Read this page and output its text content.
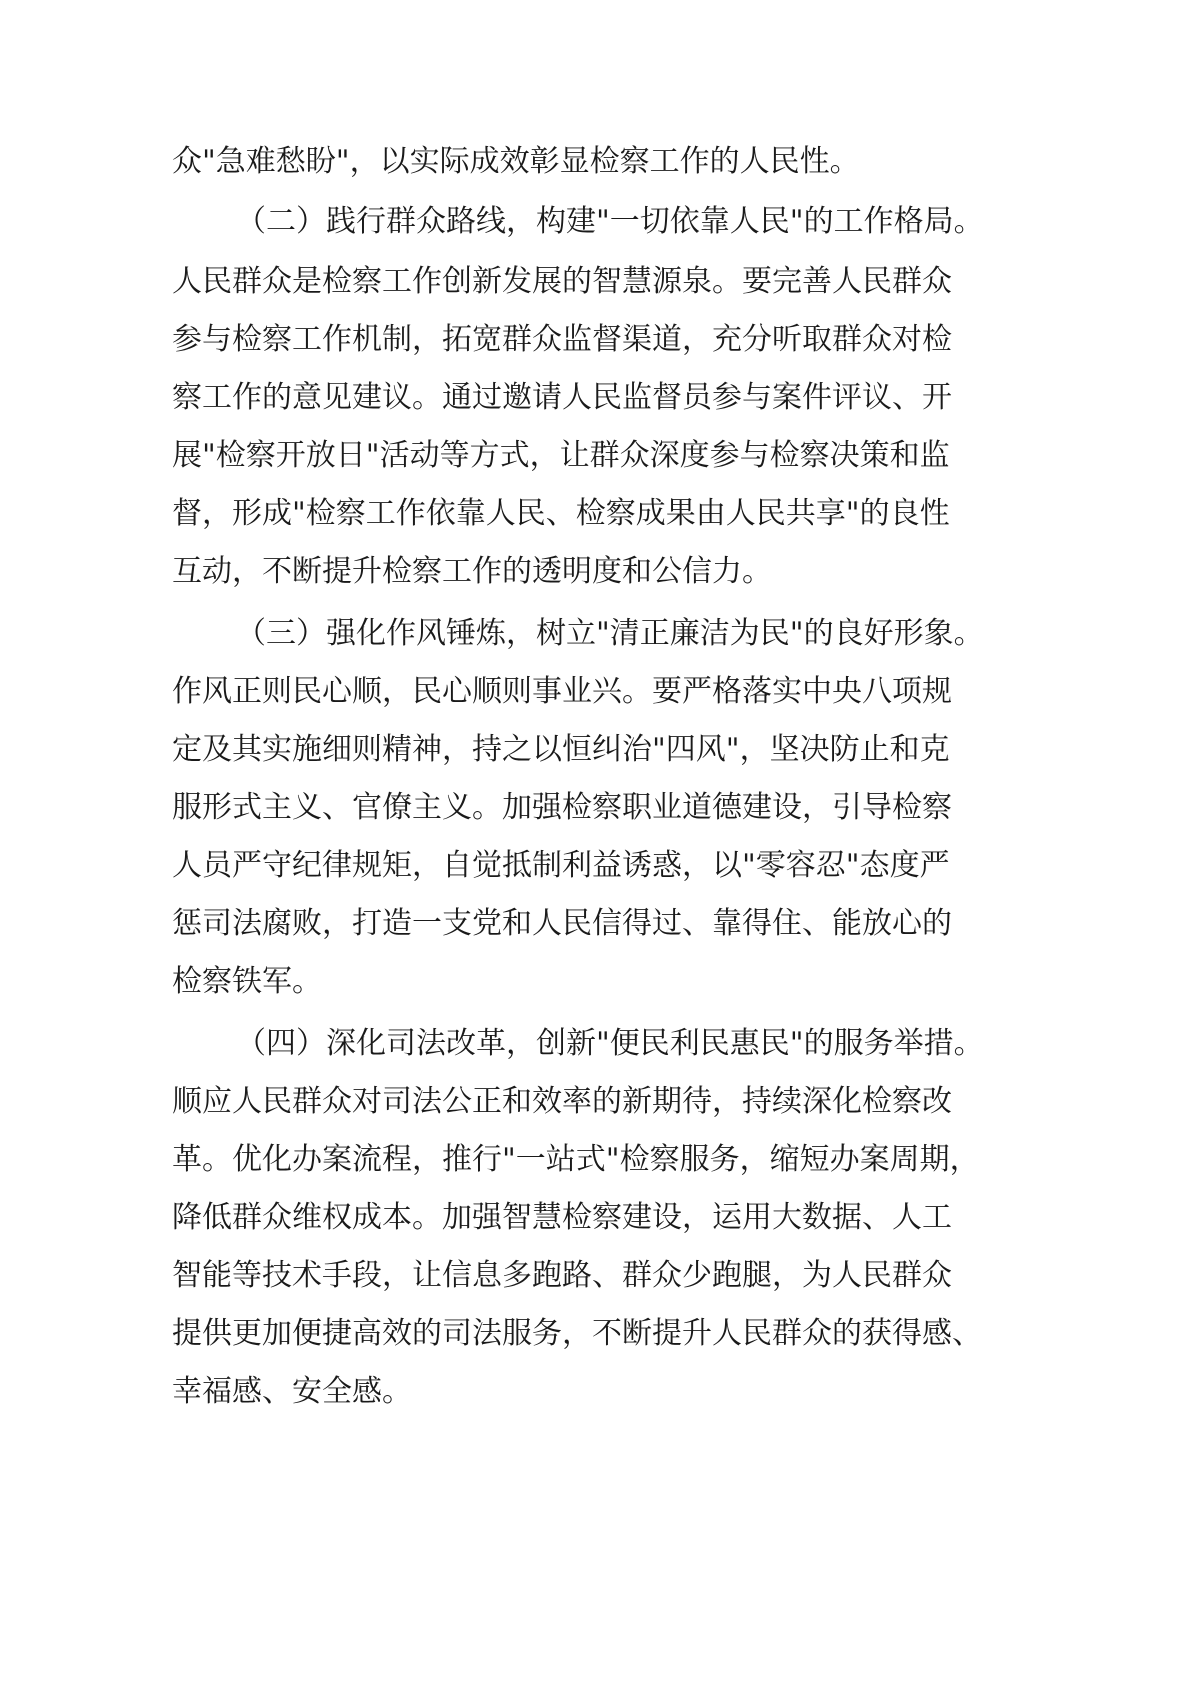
众"急难愁盼"，以实际成效彰显检察工作的人民性。
（二）践行群众路线，构建"一切依靠人民"的工作格局。
人民群众是检察工作创新发展的智慧源泉。要完善人民群众
参与检察工作机制，拓宽群众监督渠道，充分听取群众对检
察工作的意见建议。通过邀请人民监督员参与案件评议、开
展"检察开放日"活动等方式，让群众深度参与检察决策和监
督，形成"检察工作依靠人民、检察成果由人民共享"的良性
互动，不断提升检察工作的透明度和公信力。
（三）强化作风锤炼，树立"清正廉洁为民"的良好形象。
作风正则民心顺，民心顺则事业兴。要严格落实中央八项规
定及其实施细则精神，持之以恒纠治"四风"，坚决防止和克
服形式主义、官僚主义。加强检察职业道德建设，引导检察
人员严守纪律规矩，自觉抵制利益诱惑，以"零容忍"态度严
惩司法腐败，打造一支党和人民信得过、靠得住、能放心的
检察铁军。
（四）深化司法改革，创新"便民利民惠民"的服务举措。
顺应人民群众对司法公正和效率的新期待，持续深化检察改
革。优化办案流程，推行"一站式"检察服务，缩短办案周期，
降低群众维权成本。加强智慧检察建设，运用大数据、人工
智能等技术手段，让信息多跑路、群众少跑腿，为人民群众
提供更加便捷高效的司法服务，不断提升人民群众的获得感、
幸福感、安全感。
